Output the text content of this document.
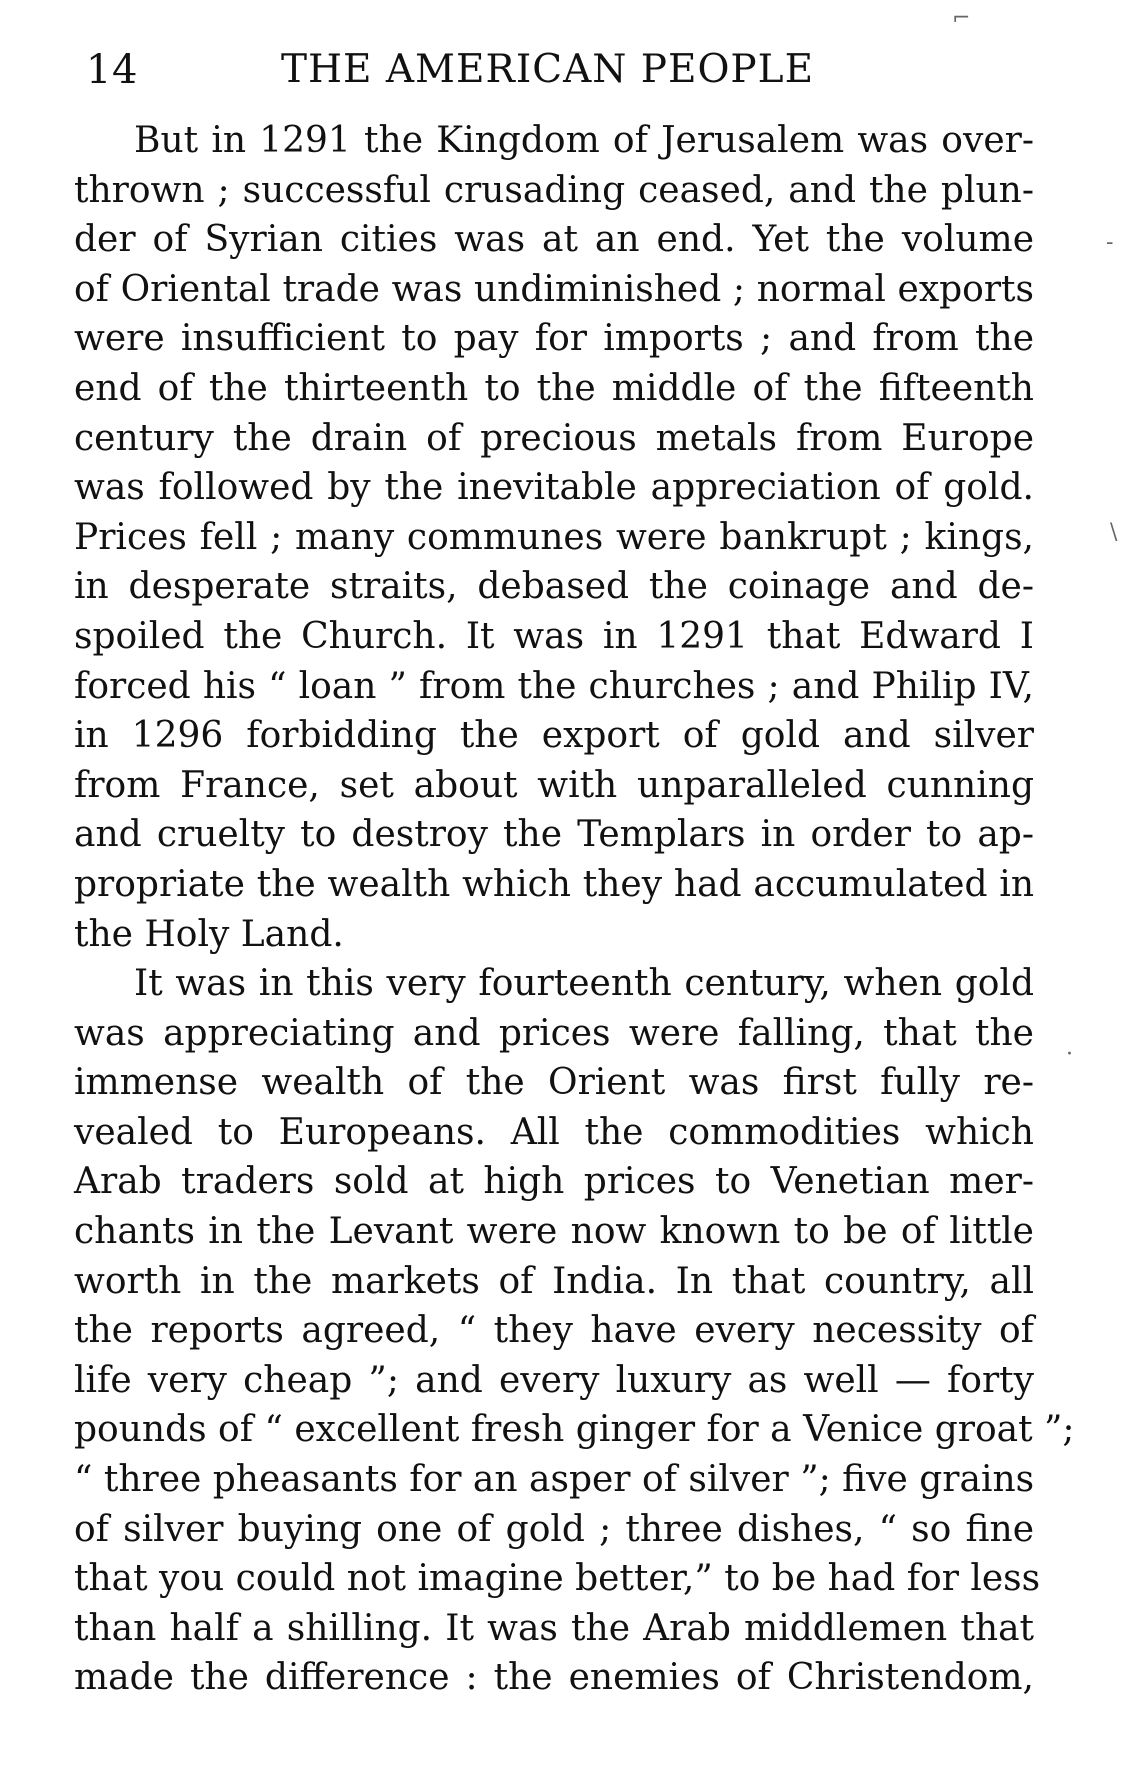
14	THE AMERICAN PEOPLE
But in 1291 the Kingdom of Jerusalem was over-
thrown ; successful crusading ceased, and the plun-
der of Syrian cities was at an end. Yet the volume
of Oriental trade was undiminished ; normal exports
were insufficient to pay for imports ; and from the
end of the thirteenth to the middle of the fifteenth
century the drain of precious metals from Europe
was followed by the inevitable appreciation of gold.
Prices fell ; many communes were bankrupt ; kings,
in desperate straits, debased the coinage and de-
spoiled the Church. It was in 1291 that Edward I
forced his “ loan ” from the churches ; and Philip IV,
in 1296 forbidding the export of gold and silver
from France, set about with unparalleled cunning
and cruelty to destroy the Templars in order to ap-
propriate the wealth which they had accumulated in
the Holy Land.
It was in this very fourteenth century, when gold
was appreciating and prices were falling, that the
immense wealth of the Orient was first fully re-
vealed to Europeans. All the commodities which
Arab traders sold at high prices to Venetian mer-
chants in the Levant were now known to be of little
worth in the markets of India. In that country, all
the reports agreed, “ they have every necessity of
life very cheap ”; and every luxury as well — forty
pounds of “ excellent fresh ginger for a Venice groat ”;
“ three pheasants for an asper of silver ”; five grains
of silver buying one of gold ; three dishes, “ so fine
that you could not imagine better,” to be had for less
than half a shilling. It was the Arab middlemen that
made the difference : the enemies of Christendom,
⌐
-
\
·
